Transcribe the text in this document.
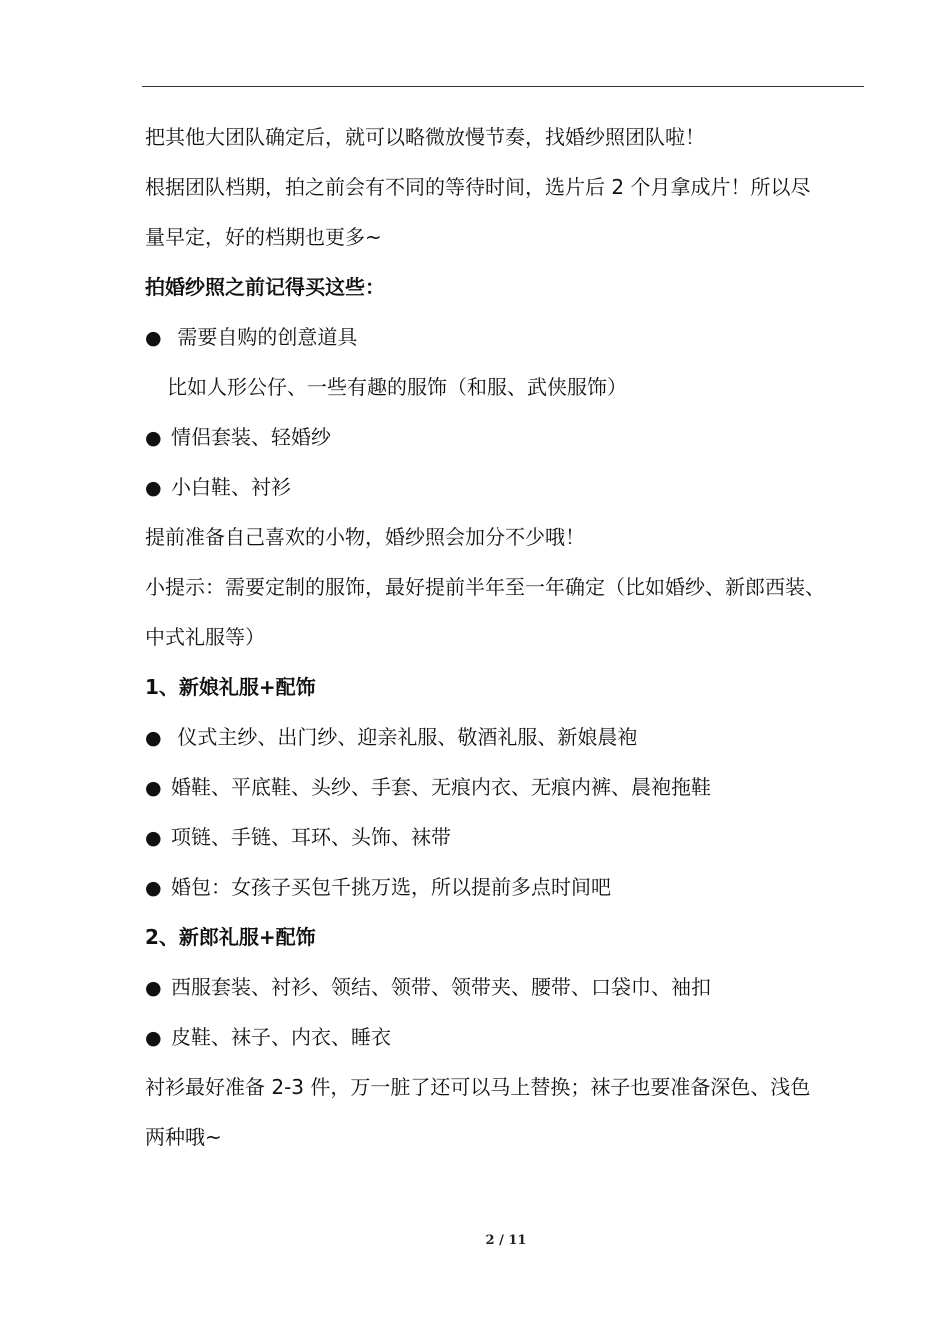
把其他大团队确定后，就可以略微放慢节奏，找婚纱照团队啦！
根据团队档期，拍之前会有不同的等待时间，选片后 2 个月拿成片！所以尽
量早定，好的档期也更多~
拍婚纱照之前记得买这些：
● 需要自购的创意道具
比如人形公仔、一些有趣的服饰（和服、武侠服饰）
● 情侣套装、轻婚纱
● 小白鞋、衬衫
提前准备自己喜欢的小物，婚纱照会加分不少哦！
小提示：需要定制的服饰，最好提前半年至一年确定（比如婚纱、新郎西装、
中式礼服等）
1、新娘礼服+配饰
● 仪式主纱、出门纱、迎亲礼服、敬酒礼服、新娘晨袍
● 婚鞋、平底鞋、头纱、手套、无痕内衣、无痕内裤、晨袍拖鞋
● 项链、手链、耳环、头饰、袜带
● 婚包：女孩子买包千挑万选，所以提前多点时间吧
2、新郎礼服+配饰
● 西服套装、衬衫、领结、领带、领带夹、腰带、口袋巾、袖扣
● 皮鞋、袜子、内衣、睡衣
衬衫最好准备 2-3 件，万一脏了还可以马上替换；袜子也要准备深色、浅色
两种哦~
2 / 11
